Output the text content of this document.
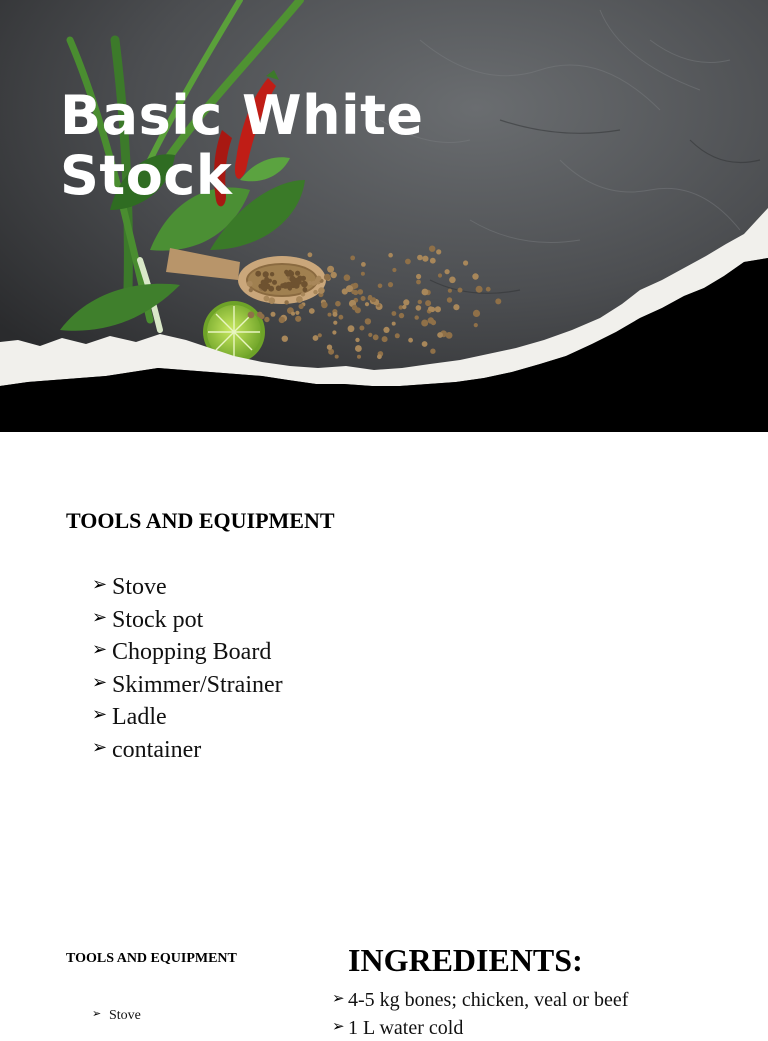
Basic White
Stock
TOOLS AND EQUIPMENT
➢ Stove
➢ Stock pot
➢ Chopping Board
➢ Skimmer/Strainer
➢ Ladle
➢ container
TOOLS AND EQUIPMENT
➢ Stove
INGREDIENTS:
➢ 4-5 kg bones; chicken, veal or beef
➢ 1 L water cold
